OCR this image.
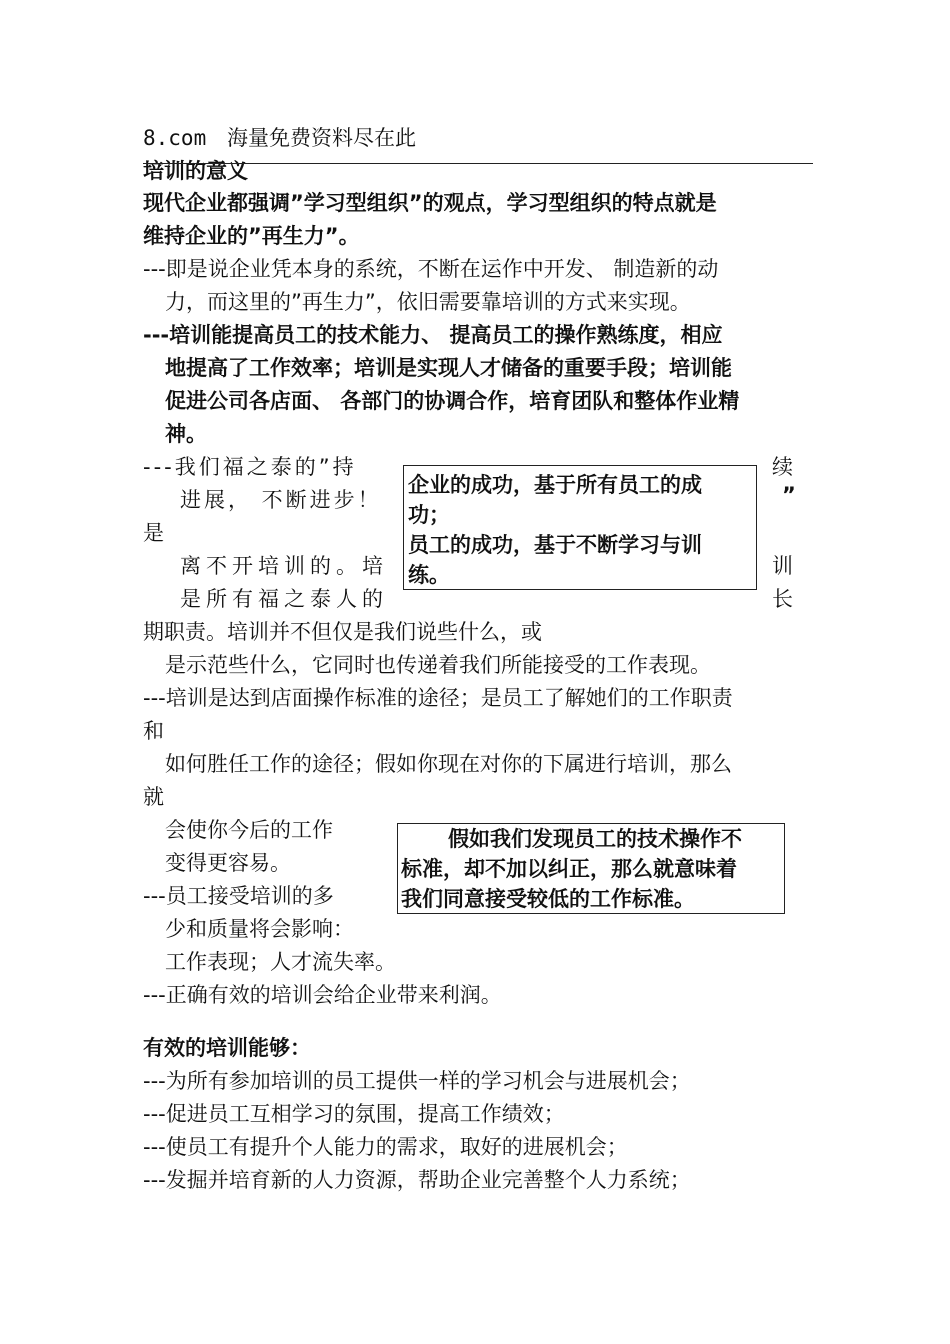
8.com 海量免费资料尽在此
培训的意义
现代企业都强调”学习型组织”的观点，学习型组织的特点就是
维持企业的”再生力”。
---即是说企业凭本身的系统，不断在运作中开发、 制造新的动
力，而这里的”再生力”，依旧需要靠培训的方式来实现。
---培训能提高员工的技术能力、 提高员工的操作熟练度，相应
地提高了工作效率；培训是实现人才储备的重要手段；培训能
促进公司各店面、 各部门的协调合作，培育团队和整体作业精
神。
---我们福之泰的”持	续
进展， 不断进步！	”
是
离不开培训的。培	训
是所有福之泰人的	长
期职责。培训并不但仅是我们说些什么，或
是示范些什么，它同时也传递着我们所能接受的工作表现。
企业的成功，基于所有员工的成
功；
员工的成功，基于不断学习与训
练。
---培训是达到店面操作标准的途径；是员工了解她们的工作职责
和
如何胜任工作的途径；假如你现在对你的下属进行培训，那么
就
会使你今后的工作
变得更容易。
---员工接受培训的多
少和质量将会影响：
工作表现；人才流失率。
假如我们发现员工的技术操作不
标准，却不加以纠正，那么就意味着
我们同意接受较低的工作标准。
---正确有效的培训会给企业带来利润。
有效的培训能够：
---为所有参加培训的员工提供一样的学习机会与进展机会；
---促进员工互相学习的氛围，提高工作绩效；
---使员工有提升个人能力的需求，取好的进展机会；
---发掘并培育新的人力资源，帮助企业完善整个人力系统；
